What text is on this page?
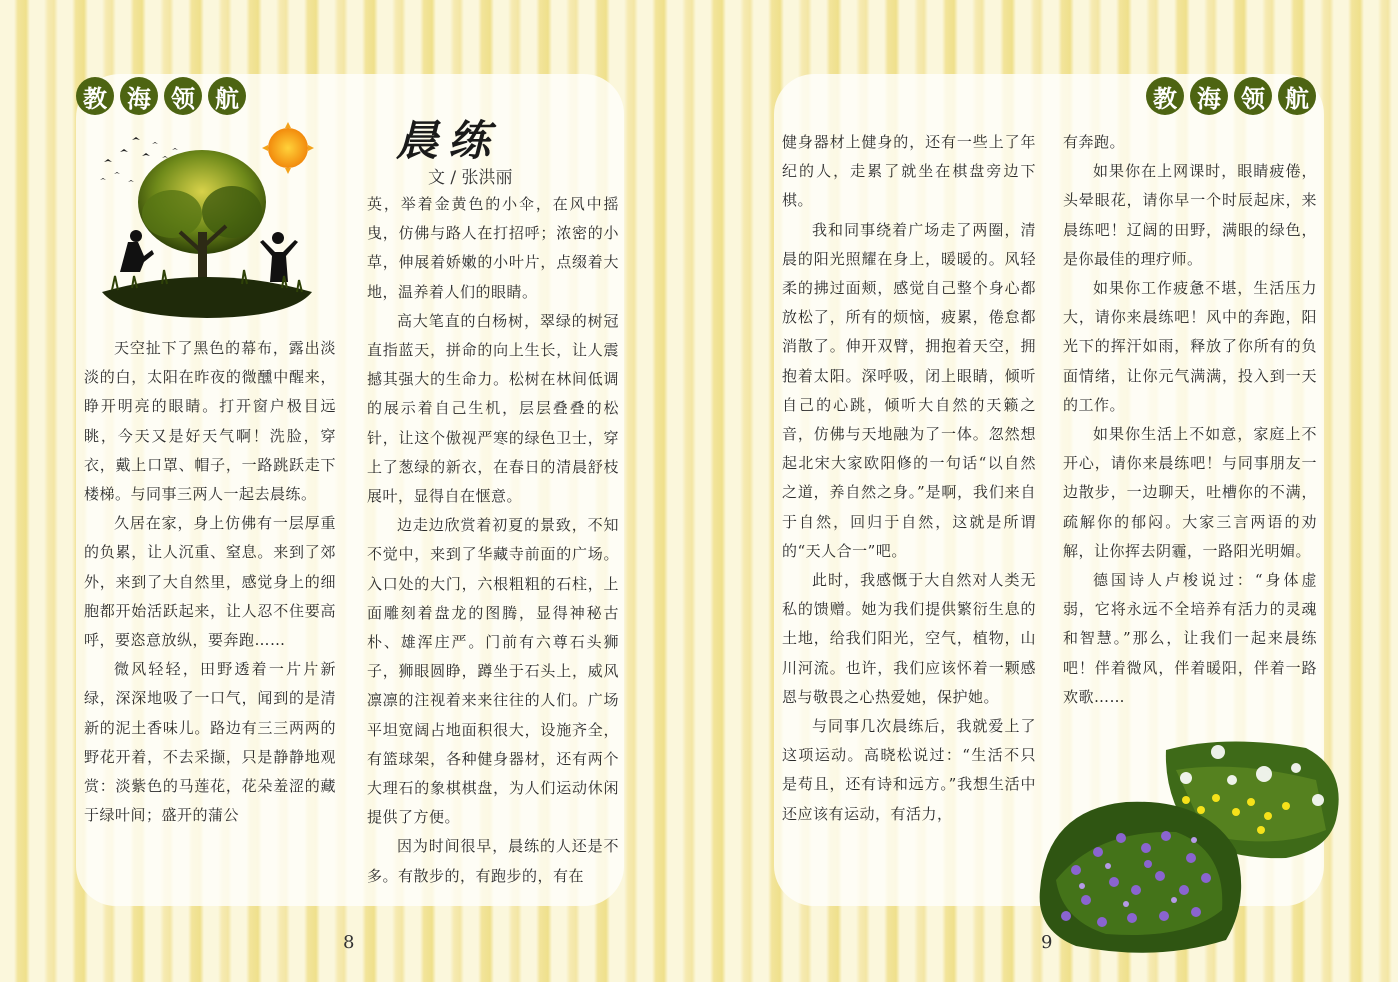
教 海 领 航	教 海 领 航
晨练
文 / 张洪丽

天空扯下了黑色的幕布，露出淡淡的白，太阳在昨夜的微醺中醒来，睁开明亮的眼睛。打开窗户极目远眺，今天又是好天气啊！洗脸，穿衣，戴上口罩、帽子，一路跳跃走下楼梯。与同事三两人一起去晨练。

久居在家，身上仿佛有一层厚重的负累，让人沉重、窒息。来到了郊外，来到了大自然里，感觉身上的细胞都开始活跃起来，让人忍不住要高呼，要恣意放纵，要奔跑……

微风轻轻，田野透着一片片新绿，深深地吸了一口气，闻到的是清新的泥土香味儿。路边有三三两两的野花开着，不去采撷，只是静静地观赏：淡紫色的马莲花，花朵羞涩的藏于绿叶间；盛开的蒲公

英，举着金黄色的小伞，在风中摇曳，仿佛与路人在打招呼；浓密的小草，伸展着娇嫩的小叶片，点缀着大地，温养着人们的眼睛。

高大笔直的白杨树，翠绿的树冠直指蓝天，拼命的向上生长，让人震撼其强大的生命力。松树在林间低调的展示着自己生机，层层叠叠的松针，让这个傲视严寒的绿色卫士，穿上了葱绿的新衣，在春日的清晨舒枝展叶，显得自在惬意。

边走边欣赏着初夏的景致，不知不觉中，来到了华藏寺前面的广场。入口处的大门，六根粗粗的石柱，上面雕刻着盘龙的图腾，显得神秘古朴、雄浑庄严。门前有六尊石头狮子，狮眼圆睁，蹲坐于石头上，威风凛凛的注视着来来往往的人们。广场平坦宽阔占地面积很大，设施齐全，有篮球架，各种健身器材，还有两个大理石的象棋棋盘，为人们运动休闲提供了方便。

因为时间很早，晨练的人还是不多。有散步的，有跑步的，有在

健身器材上健身的，还有一些上了年纪的人，走累了就坐在棋盘旁边下棋。

我和同事绕着广场走了两圈，清晨的阳光照耀在身上，暖暖的。风轻柔的拂过面颊，感觉自己整个身心都放松了，所有的烦恼，疲累，倦怠都消散了。伸开双臂，拥抱着天空，拥抱着太阳。深呼吸，闭上眼睛，倾听自己的心跳，倾听大自然的天籁之音，仿佛与天地融为了一体。忽然想起北宋大家欧阳修的一句话“以自然之道，养自然之身。”是啊，我们来自于自然，回归于自然，这就是所谓的“天人合一”吧。

此时，我感慨于大自然对人类无私的馈赠。她为我们提供繁衍生息的土地，给我们阳光，空气，植物，山川河流。也许，我们应该怀着一颗感恩与敬畏之心热爱她，保护她。

与同事几次晨练后，我就爱上了这项运动。高晓松说过：“生活不只是苟且，还有诗和远方。”我想生活中还应该有运动，有活力，

有奔跑。

如果你在上网课时，眼睛疲倦，头晕眼花，请你早一个时辰起床，来晨练吧！辽阔的田野，满眼的绿色，是你最佳的理疗师。

如果你工作疲惫不堪，生活压力大，请你来晨练吧！风中的奔跑，阳光下的挥汗如雨，释放了你所有的负面情绪，让你元气满满，投入到一天的工作。

如果你生活上不如意，家庭上不开心，请你来晨练吧！与同事朋友一边散步，一边聊天，吐槽你的不满，疏解你的郁闷。大家三言两语的劝解，让你挥去阴霾，一路阳光明媚。

德国诗人卢梭说过：“身体虚弱，它将永远不全培养有活力的灵魂和智慧。”那么，让我们一起来晨练吧！伴着微风，伴着暖阳，伴着一路欢歌……

8	9
